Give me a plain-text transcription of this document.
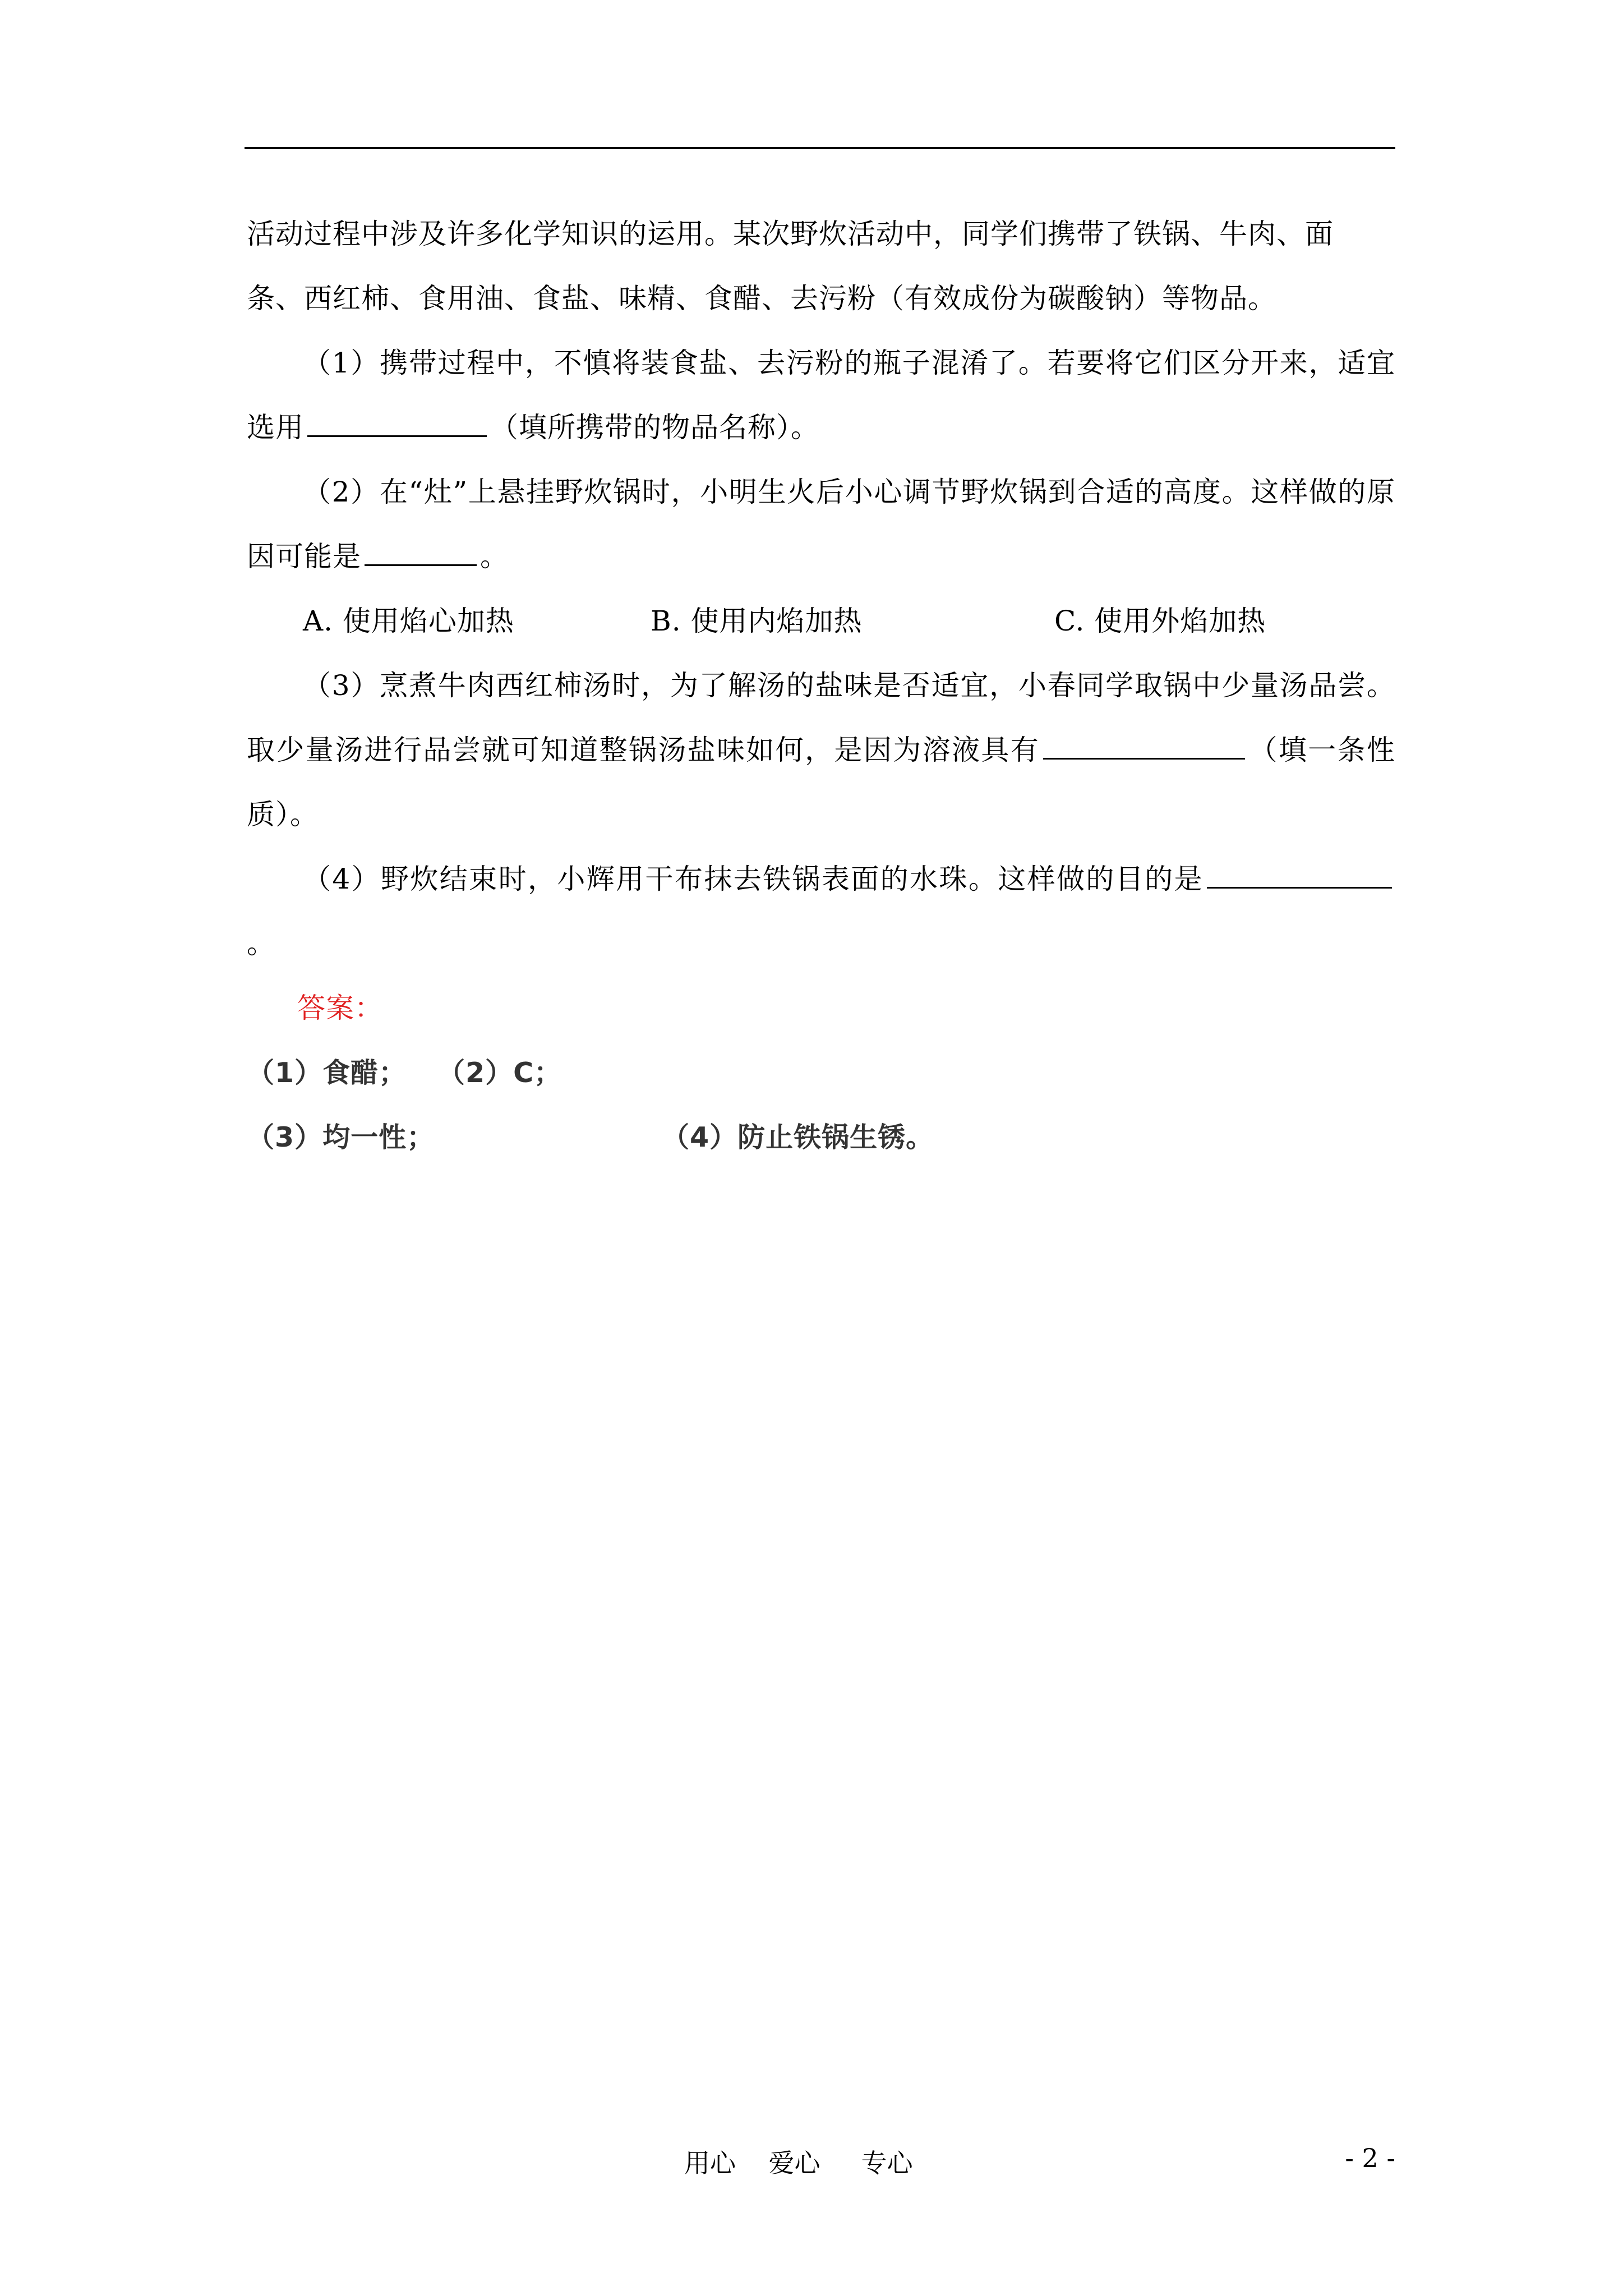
活动过程中涉及许多化学知识的运用。某次野炊活动中，同学们携带了铁锅、牛肉、面
条、西红柿、食用油、食盐、味精、食醋、去污粉（有效成份为碳酸钠）等物品。

（1）携带过程中，不慎将装食盐、去污粉的瓶子混淆了。若要将它们区分开来，适宜选用	（填所携带的物品名称）。

（2）在“灶”上悬挂野炊锅时，小明生火后小心调节野炊锅到合适的高度。这样做的原因可能是	。

A. 使用焰心加热	B. 使用内焰加热	C. 使用外焰加热

（3）烹煮牛肉西红柿汤时，为了解汤的盐味是否适宜，小春同学取锅中少量汤品尝。取少量汤进行品尝就可知道整锅汤盐味如何，是因为溶液具有	（填一条性质）。

（4）野炊结束时，小辉用干布抹去铁锅表面的水珠。这样做的目的是。

答案：
（1）食醋；	（2）C；
（3）均一性；	（4）防止铁锅生锈。
用心    爱心     专心	- 2 -
